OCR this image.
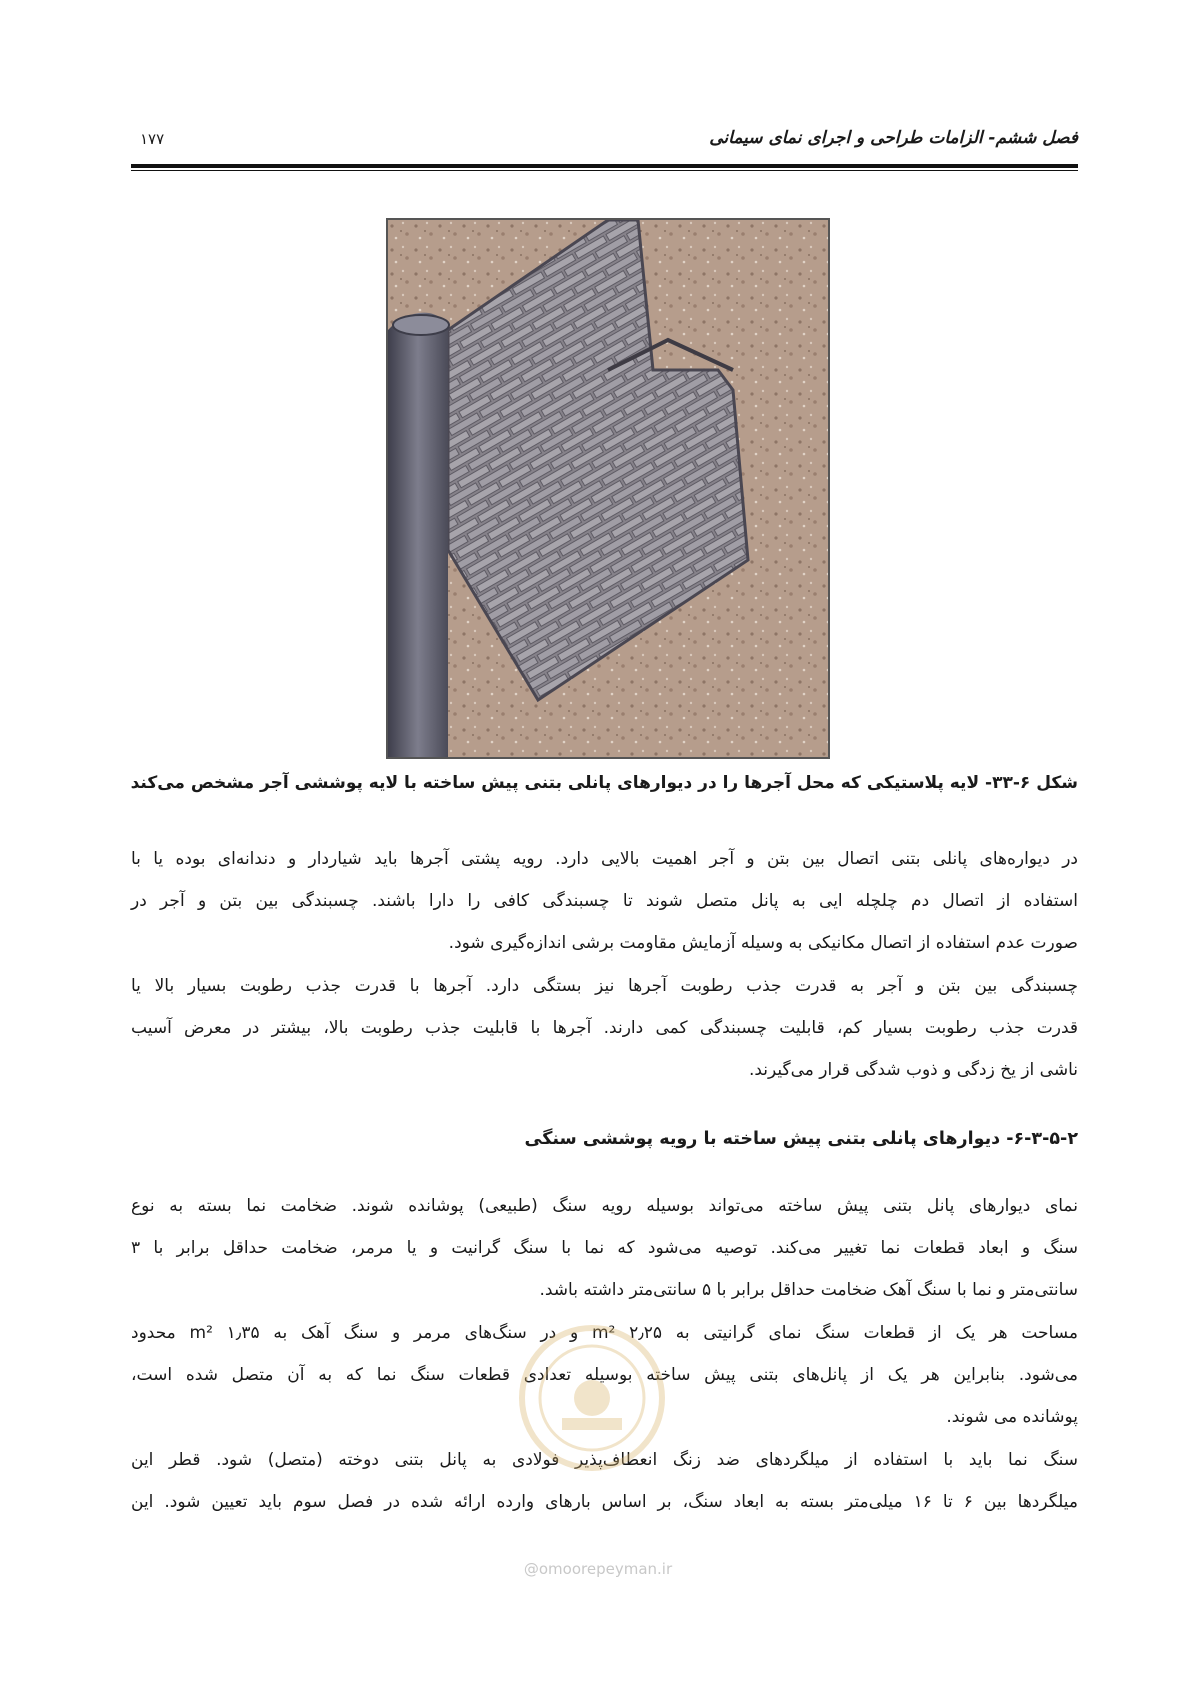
فصل ششم- الزامات طراحی و اجرای نمای سیمانی
۱۷۷
شکل ۶-۳۳- لایه پلاستیکی که محل آجرها را در دیوارهای پانلی بتنی پیش ساخته با لایه پوششی آجر مشخص می‌کند
در دیواره‌های پانلی بتنی اتصال بین بتن و آجر اهمیت بالایی دارد. رویه پشتی آجرها باید شیاردار و دندانه‌ای بوده یا با
استفاده از اتصال دم چلچله ایی به پانل متصل شوند تا چسبندگی کافی را دارا باشند. چسبندگی بین بتن و آجر در
صورت عدم استفاده از اتصال مکانیکی به وسیله آزمایش مقاومت برشی اندازه‌گیری شود.
چسبندگی بین بتن و آجر به قدرت جذب رطوبت آجرها نیز بستگی دارد. آجرها با قدرت جذب رطوبت بسیار بالا یا
قدرت جذب رطوبت بسیار کم، قابلیت چسبندگی کمی دارند. آجرها با قابلیت جذب رطوبت بالا، بیشتر در معرض آسیب
ناشی از یخ زدگی و ذوب شدگی قرار می‌گیرند.
۶-۳-۵-۲- دیوارهای پانلی بتنی پیش ساخته با رویه پوششی سنگی
نمای دیوارهای پانل بتنی پیش ساخته می‌تواند بوسیله رویه سنگ (طبیعی) پوشانده شوند. ضخامت نما بسته به نوع
سنگ و ابعاد قطعات نما تغییر می‌کند. توصیه می‌شود که نما با سنگ گرانیت و یا مرمر، ضخامت حداقل برابر با ۳
سانتی‌متر و نما با سنگ آهک ضخامت حداقل برابر با ۵ سانتی‌متر داشته باشد.
مساحت هر یک از قطعات سنگ نمای گرانیتی به m² ۲٫۲۵ و در سنگ‌های مرمر و سنگ آهک به m² ۱٫۳۵ محدود
می‌شود. بنابراین هر یک از پانل‌های بتنی پیش ساخته بوسیله تعدادی قطعات سنگ نما که به آن متصل شده است،
پوشانده می شوند.
سنگ نما باید با استفاده از میلگردهای ضد زنگ انعطاف‌پذیر فولادی به پانل بتنی دوخته (متصل) شود. قطر این
میلگردها بین ۶ تا ۱۶ میلی‌متر بسته به ابعاد سنگ، بر اساس بارهای وارده ارائه شده در فصل سوم باید تعیین شود. این
@omoorepeyman.ir
